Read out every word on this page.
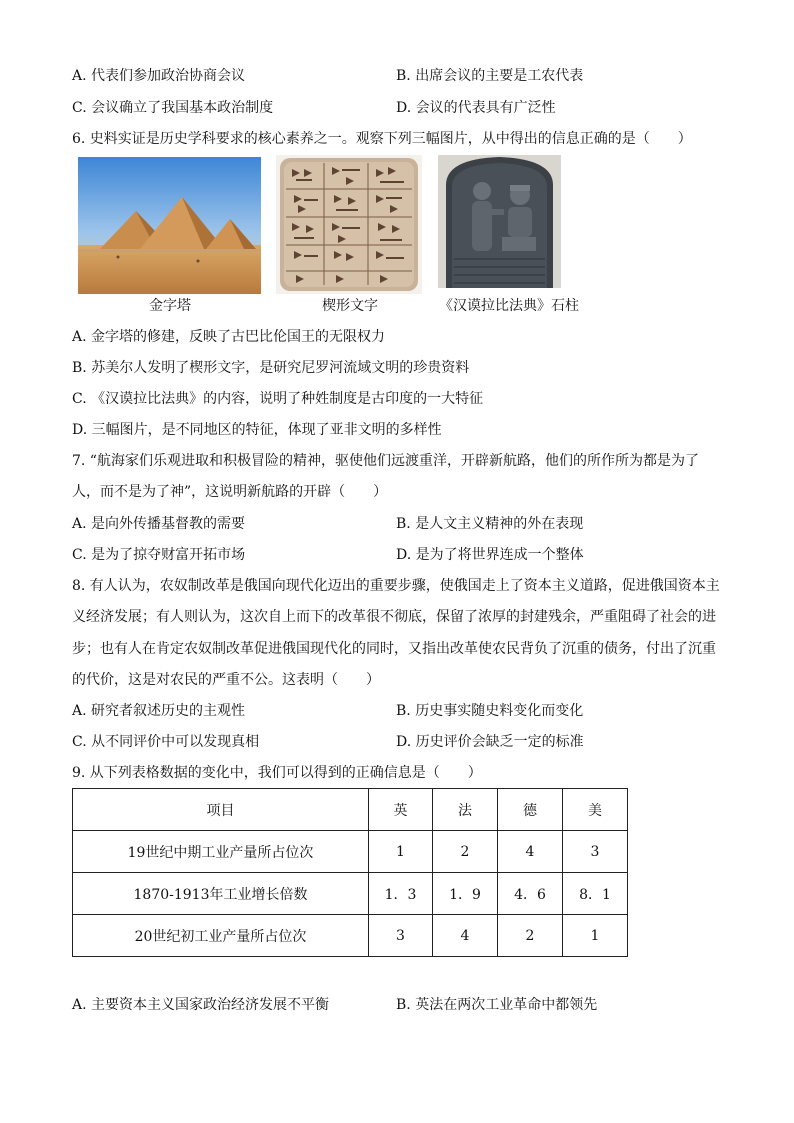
A. 代表们参加政治协商会议	B. 出席会议的主要是工农代表
C. 会议确立了我国基本政治制度	D. 会议的代表具有广泛性
6. 史料实证是历史学科要求的核心素养之一。观察下列三幅图片，从中得出的信息正确的是（　　）
金字塔	楔形文字	《汉谟拉比法典》石柱
A. 金字塔的修建，反映了古巴比伦国王的无限权力
B. 苏美尔人发明了楔形文字，是研究尼罗河流域文明的珍贵资料
C. 《汉谟拉比法典》的内容，说明了种姓制度是古印度的一大特征
D. 三幅图片，是不同地区的特征，体现了亚非文明的多样性
7. “航海家们乐观进取和积极冒险的精神，驱使他们远渡重洋，开辟新航路，他们的所作所为都是为了
人，而不是为了神”，这说明新航路的开辟（　　）
A. 是向外传播基督教的需要	B. 是人文主义精神的外在表现
C. 是为了掠夺财富开拓市场	D. 是为了将世界连成一个整体
8. 有人认为，农奴制改革是俄国向现代化迈出的重要步骤，使俄国走上了资本主义道路，促进俄国资本主
义经济发展；有人则认为，这次自上而下的改革很不彻底，保留了浓厚的封建残余，严重阻碍了社会的进
步；也有人在肯定农奴制改革促进俄国现代化的同时，又指出改革使农民背负了沉重的债务，付出了沉重
的代价，这是对农民的严重不公。这表明（　　）
A. 研究者叙述历史的主观性	B. 历史事实随史料变化而变化
C. 从不同评价中可以发现真相	D. 历史评价会缺乏一定的标准
9. 从下列表格数据的变化中，我们可以得到的正确信息是（　　）
项目	英	法	德	美
19世纪中期工业产量所占位次	1	2	4	3
1870-1913年工业增长倍数	1．3	1．9	4．6	8．1
20世纪初工业产量所占位次	3	4	2	1
A. 主要资本主义国家政治经济发展不平衡	B. 英法在两次工业革命中都领先
